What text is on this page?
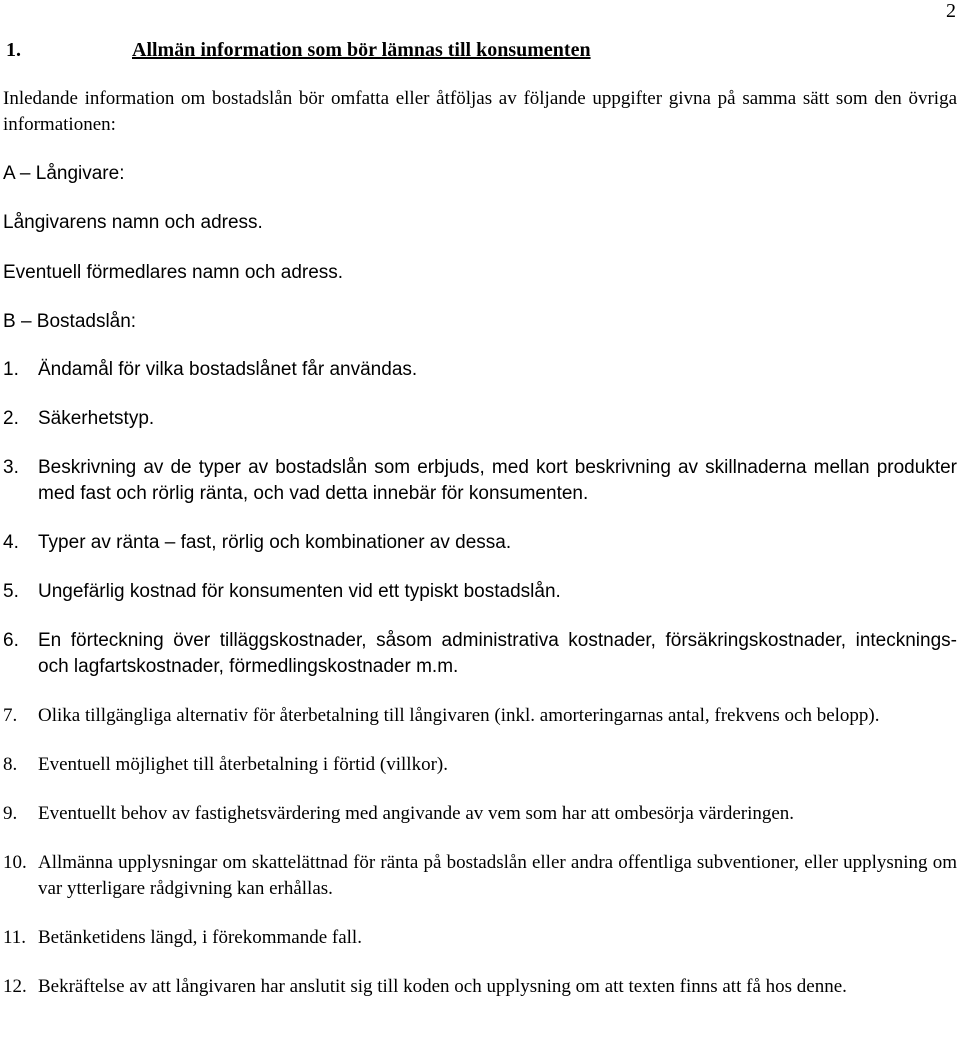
2
1.	Allmän information som bör lämnas till konsumenten
Inledande information om bostadslån bör omfatta eller åtföljas av följande uppgifter givna på samma sätt som den övriga informationen:
A – Långivare:
Långivarens namn och adress.
Eventuell förmedlares namn och adress.
B – Bostadslån:
1.	Ändamål för vilka bostadslånet får användas.
2.	Säkerhetstyp.
3.	Beskrivning av de typer av bostadslån som erbjuds, med kort beskrivning av skillnaderna mellan produkter med fast och rörlig ränta, och vad detta innebär för konsumenten.
4.	Typer av ränta – fast, rörlig och kombinationer av dessa.
5.	Ungefärlig kostnad för konsumenten vid ett typiskt bostadslån.
6.	En förteckning över tilläggskostnader, såsom administrativa kostnader, försäkringskostnader, intecknings- och lagfartskostnader, förmedlingskostnader m.m.
7.	Olika tillgängliga alternativ för återbetalning till långivaren (inkl. amorteringarnas antal, frekvens och belopp).
8.	Eventuell möjlighet till återbetalning i förtid (villkor).
9.	Eventuellt behov av fastighetsvärdering med angivande av vem som har att ombesörja värderingen.
10. Allmänna upplysningar om skattelättnad för ränta på bostadslån eller andra offentliga subventioner, eller upplysning om var ytterligare rådgivning kan erhållas.
11. Betänketidens längd, i förekommande fall.
12. Bekräftelse av att långivaren har anslutit sig till koden och upplysning om att texten finns att få hos denne.
